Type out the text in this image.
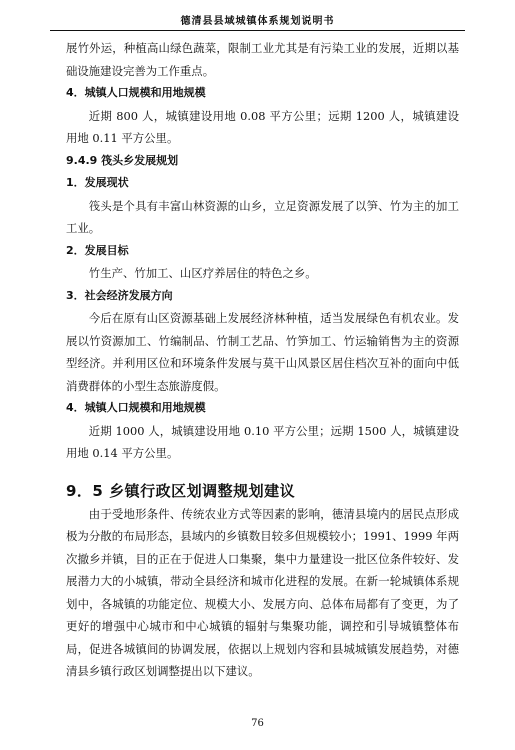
德清县县域城镇体系规划说明书

展竹外运，种植高山绿色蔬菜，限制工业尤其是有污染工业的发展，近期以基础设施建设完善为工作重点。

4．城镇人口规模和用地规模

近期 800 人，城镇建设用地 0.08 平方公里；远期 1200 人，城镇建设用地 0.11 平方公里。

9.4.9 筏头乡发展规划
1．发展现状

筏头是个具有丰富山林资源的山乡，立足资源发展了以笋、竹为主的加工工业。

2．发展目标

竹生产、竹加工、山区疗养居住的特色之乡。

3．社会经济发展方向

今后在原有山区资源基础上发展经济林种植，适当发展绿色有机农业。发展以竹资源加工、竹编制品、竹制工艺品、竹笋加工、竹运输销售为主的资源型经济。并利用区位和环境条件发展与莫干山风景区居住档次互补的面向中低消费群体的小型生态旅游度假。

4．城镇人口规模和用地规模

近期 1000 人，城镇建设用地 0.10 平方公里；远期 1500 人，城镇建设用地 0.14 平方公里。

9．5 乡镇行政区划调整规划建议

由于受地形条件、传统农业方式等因素的影响，德清县境内的居民点形成极为分散的布局形态，县域内的乡镇数目较多但规模较小；1991、1999 年两次撤乡并镇，目的正在于促进人口集聚，集中力量建设一批区位条件较好、发展潜力大的小城镇，带动全县经济和城市化进程的发展。在新一轮城镇体系规划中，各城镇的功能定位、规模大小、发展方向、总体布局都有了变更，为了更好的增强中心城市和中心城镇的辐射与集聚功能，调控和引导城镇整体布局，促进各城镇间的协调发展，依据以上规划内容和县城城镇发展趋势，对德清县乡镇行政区划调整提出以下建议。

76
